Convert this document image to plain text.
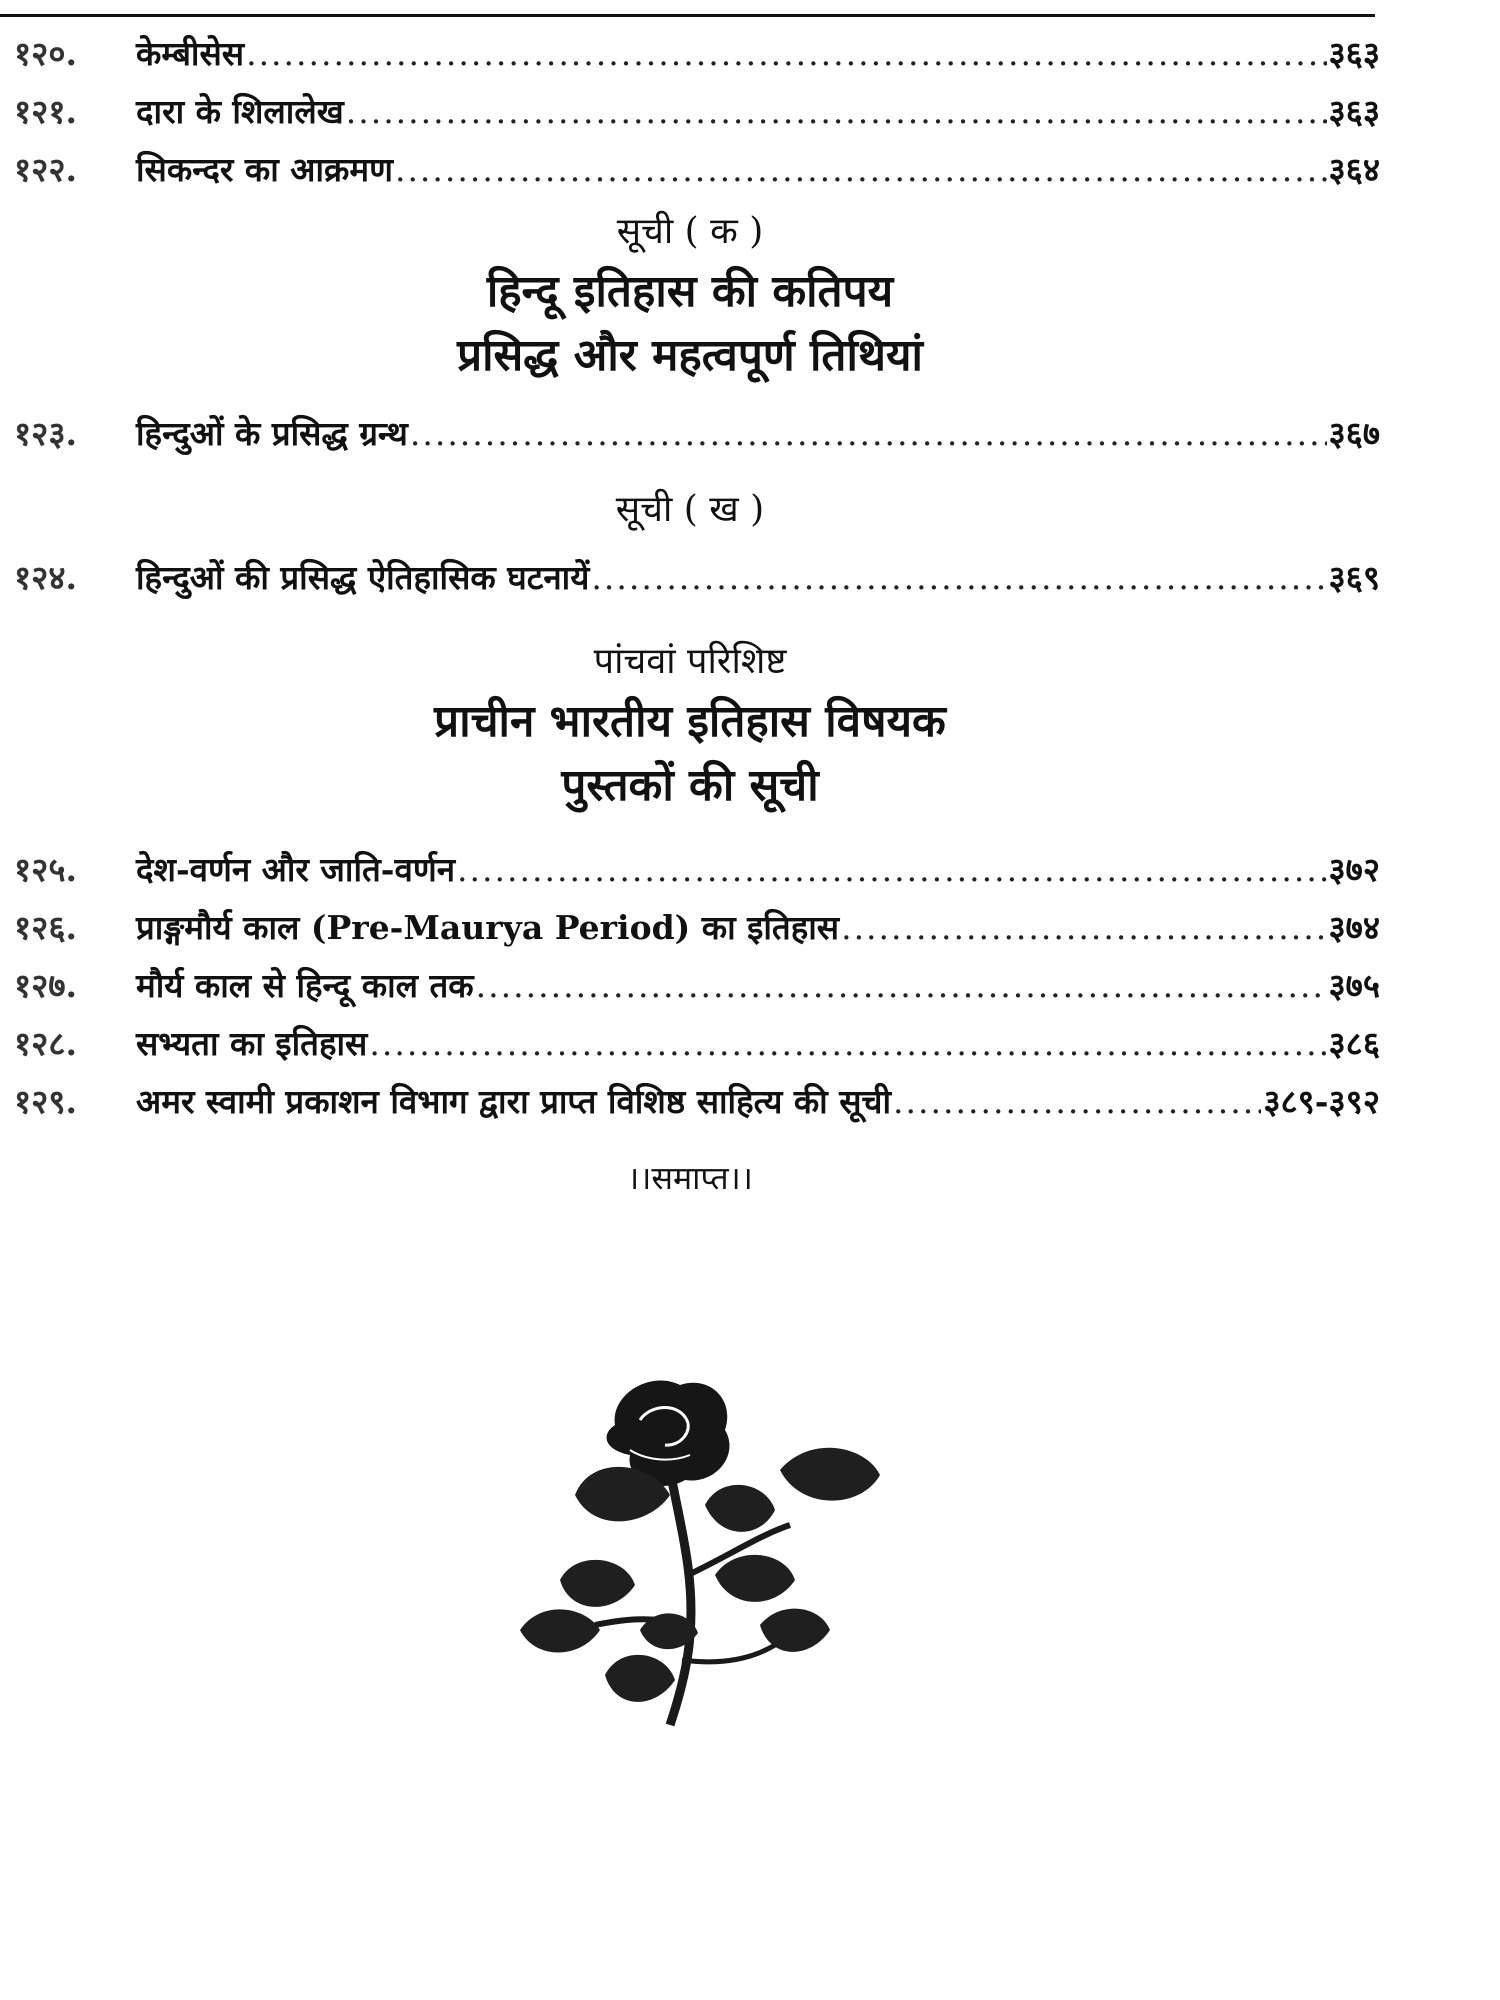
१२०.	केम्बीसेस .....	३६३
१२१.	दारा के शिलालेख .....	३६३
१२२.	सिकन्दर का आक्रमण .....	३६४
सूची ( क )
हिन्दू इतिहास की कतिपय
प्रसिद्ध और महत्वपूर्ण तिथियां
१२३.	हिन्दुओं के प्रसिद्ध ग्रन्थ .....	३६७
सूची ( ख )
१२४.	हिन्दुओं की प्रसिद्ध ऐतिहासिक घटनायें .....	३६९
पांचवां परिशिष्ट
प्राचीन भारतीय इतिहास विषयक
पुस्तकों की सूची
१२५.	देश-वर्णन और जाति-वर्णन .....	३७२
१२६.	प्राङ्गमौर्य काल (Pre-Maurya Period) का इतिहास .....	३७४
१२७.	मौर्य काल से हिन्दू काल तक .....	३७५
१२८.	सभ्यता का इतिहास .....	३८६
१२९.	अमर स्वामी प्रकाशन विभाग द्वारा प्राप्त विशिष्ठ साहित्य की सूची .....	३८९-३९२
।।समाप्त।।
